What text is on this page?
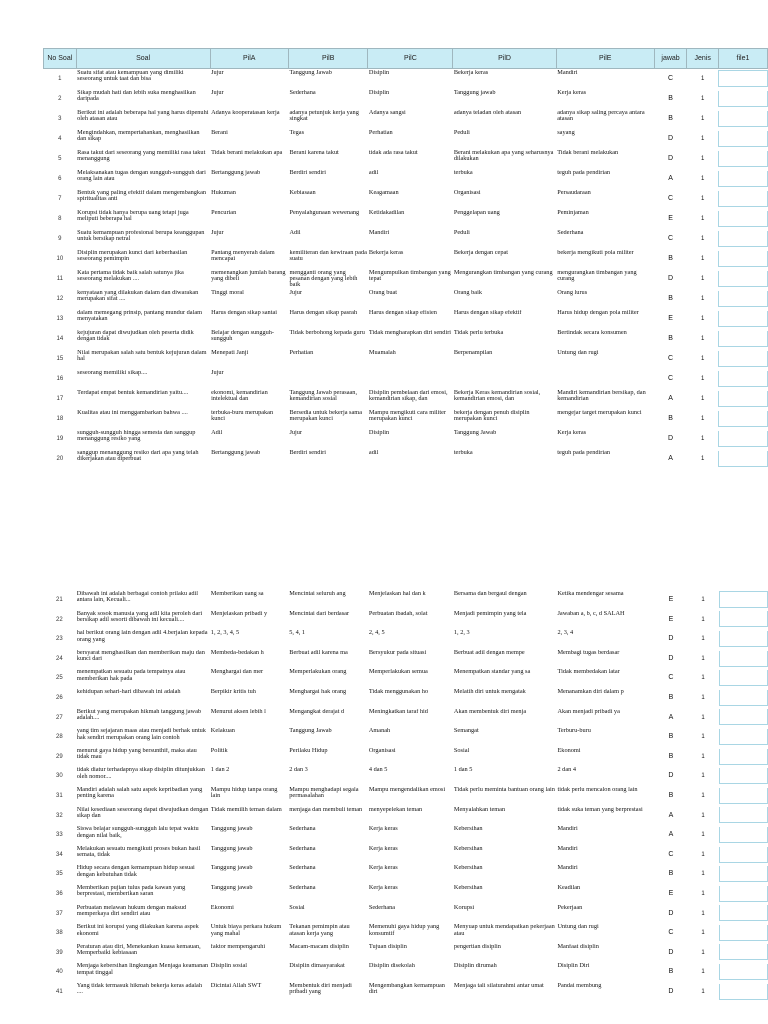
No Soal	Soal	PilA	PilB	PilC	PilD	PilE	jawab	Jenis	file1

1	Suatu sifat atau kemampuan yang dimiliki seseorang untuk taat dan bisa	Jujur	Tanggung Jawab	Disiplin	Bekerja keras	Mandiri	C	1	

2	Sikap mudah hati dan lebih suka menghasilkan daripada	Jujur	Sederhana	Disiplin	Tanggung jawab	Kerja keras	B	1	

3	Berikut ini adalah beberapa hal yang harus dipenuhi oleh atasan atau	Adanya kooperatasan kerja	adanya petunjuk kerja yang singkat	Adanya sangsi	adanya teladan oleh atasan	adanya sikap saling percaya antara atasan	B	1	

4	Mengindahkan, mempertahankan, menghasilkan dan sikap	Berani	Tegas	Perhatian	Peduli	sayang	D	1	

5	Rasa takut dari seseorang yang memiliki rasa takut menanggung	Tidak berani melakukan apa	Berani karena takut	tidak ada rasa takut	Berani melakukan apa yang seharusnya dilakukan	Tidak berani melakukan	D	1	

6	Melaksanakan tugas dengan sungguh-sungguh dari orang lain atau	Bertanggung jawab	Berdiri sendiri	adil	terbuka	teguh pada pendirian	A	1	

7	Bentuk yang paling efektif dalam mengembangkan spiritualitas anti	Hukuman	Kebiasaan	Keagamaan	Organisasi	Persaudaraan	C	1	

8	Korupsi tidak hanya berupa uang tetapi juga meliputi beberapa hal	Pencurian	Penyalahgunaan wewenang	Ketidakadilan	Penggelapan uang	Peminjaman	E	1	

9	Suatu kemampuan profesional berupa keanggupan untuk bersikap netral	Jujur	Adil	Mandiri	Peduli	Sederhana	C	1	

10	Disiplin merupakan kunci dari keberhasilan seseorang pemimpin	Pantang menyerah dalam mencapai	kemiliteran dan kewiraan pada suatu	Bekerja keras	Bekerja dengan cepat	bekerja mengikuti pola militer	B	1	

11	Kata pertama tidak baik salah satunya jika seseorang melakukan ....	memenangkan jumlah barang yang dibeli	mengganti orang yang pesanan dengan yang lebih baik	Mengumpulkan timbangan yang tepat	Mengurangkan timbangan yang curang	mengurangkan timbangan yang curang	D	1	

12	kenyataan yang dilakukan dalam dan diwarakan merupakan sifat ....	Tinggi moral	Jujur	Orang buat	Orang baik	Orang lurus	B	1	

13	dalam memegang prinsip, pantang mundur dalam menyatakan	Harus dengan sikap santai	Harus dengan sikap pasrah	Harus dengan sikap efisien	Harus dengan sikap efektif	Harus hidup dengan pola militer	E	1	

14	kejujuran dapat diwujudkan oleh peserta didik dengan tidak	Belajar dengan sungguh-sungguh	Tidak berbohong kepada guru	Tidak mengharapkan diri sendiri	Tidak perlu terbuka	Bertindak secara konsumen	B	1	

15	Nilai merupakan salah satu bentuk kejujuran dalam hal	Menepati Janji	Perhatian	Muamalah	Berpenampilan	Untung dan rugi	C	1	

16	seseorang memiliki sikap....	Jujur					C	1	

17	Terdapat empat bentuk kemandirian yaitu....	ekonomi, kemandirian intelektual dan	Tanggung Jawab perasaan, kemandirian sosial	Disiplin pembelaan dari emosi, kemandirian sikap, dan	Bekerja Keras kemandirian sosial, kemandirian emosi, dan	Mandiri kemandirian bersikap, dan kemandirian	A	1	

18	Kualitas atau ini menggambarkan bahwa ....	terbuka-buru merupakan kunci	Bersedia untuk bekerja sama merupakan kunci	Mampu mengikuti cara militer merupakan kunci	bekerja dengan penuh disiplin merupakan kunci	mengejar target merupakan kunci	B	1	

19	sungguh-sungguh hingga semesta dan sanggup menanggung resiko yang	Adil	Jujur	Disiplin	Tanggung Jawab	Kerja keras	D	1	

20	sanggup menanggung resiko dari apa yang telah dikerjakan atau diperbuat	Bertanggung jawab	Berdiri sendiri	adil	terbuka	teguh pada pendirian	A	1	

21	Dibawah ini adalah berbagai contoh prilaku adil antara lain, Kecuali...	Memberikan uang sa	Mencintai seluruh ang	Menjelaskan hal dan k	Bersama dan bergaul dengan	Ketika mendengar sesama	E	1	

22	Banyak sosok manusia yang adil kita peroleh dari bersikap adil sesorti dibawah ini kecuali....	Menjelaskan pribadi y	Mencintai dari berdasar	Perbuatan ibadah, solat	Menjadi pemimpin yang tela	Jawaban a, b, c, d SALAH	E	1	

23	hal berikut orang lain dengan adil 4.berjalan kepada orang yang	1, 2, 3, 4, 5	5, 4, 1	2, 4, 5	1, 2, 3	2, 3, 4	D	1	

24	bersyarat menghasilkan dan memberikan maju dan kunci dari	Membeda-bedakan h	Berbuat adil karena ma	Bersyukur pada situasi	Berbuat adil dengan mempe	Membagi tugas berdasar	D	1	

25	menempatkan sesuatu pada tempatnya atau memberikan hak pada	Menghargai dan mer	Memperlakukan orang	Memperlakukan semua	Menempatkan standar yang sa	Tidak membedakan latar	C	1	

26	kehidupan sehari-hari dibawah ini adalah	Berpikir kritis tuh	Menghargai hak orang	Tidak menggunakan ho	Melatih diri untuk mengatak	Menanamkan diri dalam p	B	1	

27	Berikut yang merupakan hikmah tanggung jawab adalah....	Menurut aksen lebih l	Mengangkat derajat d	Meningkatkan taraf hid	Akan membentuk diri menja	Akan menjadi pribadi ya	A	1	

28	yang tim sejajaran maas atau menjadi berhak untuk hak sendiri merupakan orang lain contoh	Kelakuan	Tanggung Jawab	Amanah	Semangat	Terburu-buru	B	1	

29	menurut gaya hidup yang bersunthif, maka atau tidak mau	Politik	Perilaku Hidup	Organisasi	Sosial	Ekonomi	B	1	

30	tidak diatur terhadapnya sikap disiplin ditunjukkan oleh nomor....	1 dan 2	2 dan 3	4 dan 5	1 dan 5	2 dan 4	D	1	

31	Mandiri adalah salah satu aspek kepribadian yang penting karena	Mampu hidup tanpa orang lain	Mampu menghadapi segala permasalahan	Mampu mengendalikan emosi	Tidak perlu meminta bantuan orang lain	tidak perlu mencalon orang lain	B	1	

32	Nilai kesediaan seseorang dapat diwujudkan dengan sikap dan	Tidak memilih teman dalam	menjaga dan membuli teman	menyepelekan teman	Menyalahkan teman	tidak suka teman yang berprestasi	A	1	

33	Siswa belajar sungguh-sungguh lalu tepat waktu dengan nilai baik,	Tanggung jawab	Sederhana	Kerja keras	Kebersihan	Mandiri	A	1	

34	Melakukan sesuatu mengikuti proses bukan hasil semata, tidak	Tanggung jawab	Sederhana	Kerja keras	Kebersihan	Mandiri	C	1	

35	Hidup secara dengan kemampuan hidup sesuai dengan kebutuhan tidak	Tanggung jawab	Sederhana	Kerja keras	Kebersihan	Mandiri	B	1	

36	Memberikan pujian tulus pada kawan yang berprestasi, memberikan saran	Tanggung jawab	Sederhana	Kerja keras	Kebersihan	Keadilan	E	1	

37	Perbuatan melawan hukum dengan maksud memperkaya diri sendiri atau	Ekonomi	Sosial	Sederhana	Korupsi	Pekerjaan	D	1	

38	Berikut ini korupsi yang dilakukan karena aspek ekonomi	Untuk biaya perkara hukum yang mahal	Tekanan pemimpin atau atasan kerja yang	Memenuhi gaya hidup yang konsumtif	Menyuap untuk mendapatkan pekerjaan atau	Untung dan rugi	C	1	

39	Peraturan atau diri, Menekankan kuasa kemauan, Memperbaiki kebiasaan	faktor mempengaruhi	Macam-macam disiplin	Tujuan disiplin	pengertian disiplin	Manfaat disiplin	D	1	

40	Menjaga kebersihan lingkungan Menjaga keamanan tempat tinggal	Disiplin sosial	Disiplin dimasyarakat	Disiplin disekolah	Disiplin dirumah	Disiplin Diri	B	1	

41	Yang tidak termasuk hikmah bekerja keras adalah ....	Dicintai Allah SWT	Membentuk diri menjadi pribadi yang	Mengembangkan kemampuan diri	Menjaga tali silaturahmi antar umat	Pandai membung	D	1	
